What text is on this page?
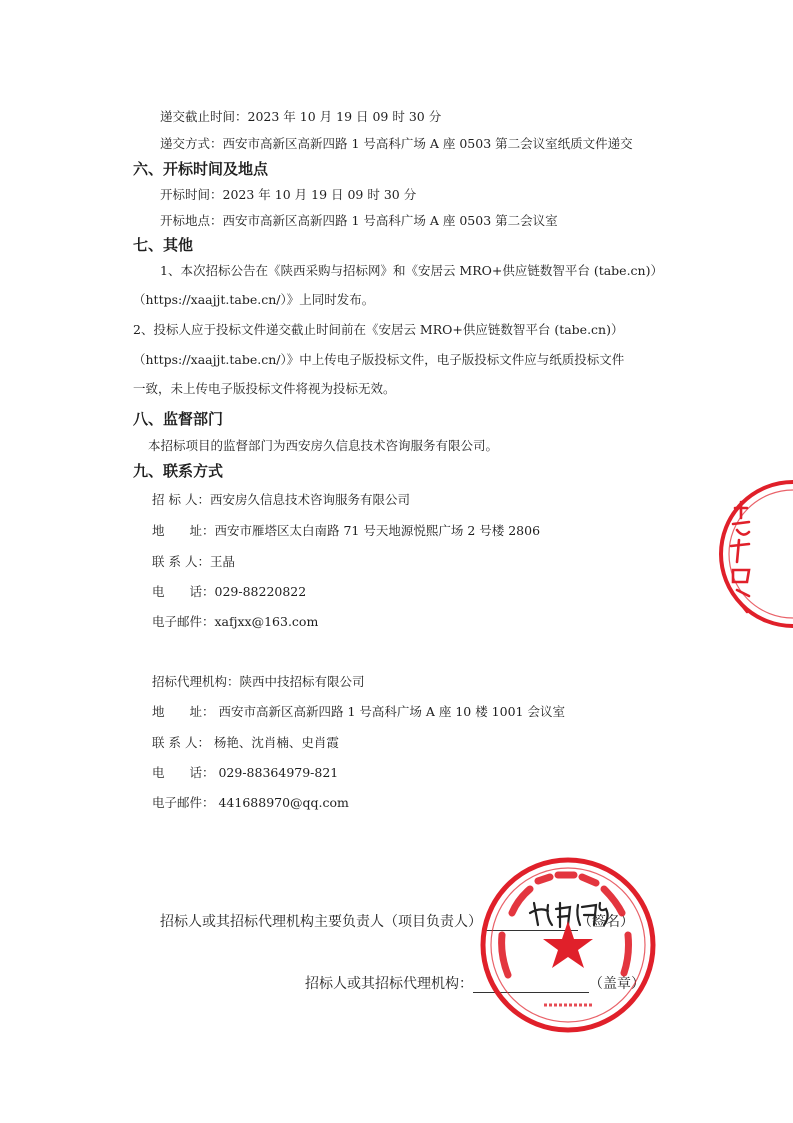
递交截止时间：2023 年 10 月 19 日 09 时 30 分
递交方式：西安市高新区高新四路 1 号高科广场 A 座 0503 第二会议室纸质文件递交
六、开标时间及地点
开标时间：2023 年 10 月 19 日 09 时 30 分
开标地点：西安市高新区高新四路 1 号高科广场 A 座 0503 第二会议室
七、其他
1、本次招标公告在《陕西采购与招标网》和《安居云 MRO+供应链数智平台 (tabe.cn)）
（https://xaajjt.tabe.cn/）》上同时发布。
2、投标人应于投标文件递交截止时间前在《安居云 MRO+供应链数智平台 (tabe.cn)）
（https://xaajjt.tabe.cn/）》中上传电子版投标文件，电子版投标文件应与纸质投标文件
一致，未上传电子版投标文件将视为投标无效。
八、监督部门
本招标项目的监督部门为西安房久信息技术咨询服务有限公司。
九、联系方式
招 标 人：西安房久信息技术咨询服务有限公司
地　　址：西安市雁塔区太白南路 71 号天地源悦熙广场 2 号楼 2806
联 系 人：王晶
电　　话：029-88220822
电子邮件：xafjxx@163.com
招标代理机构：陕西中技招标有限公司
地　　址： 西安市高新区高新四路 1 号高科广场 A 座 10 楼 1001 会议室
联 系 人： 杨艳、沈肖楠、史肖霞
电　　话： 029-88364979-821
电子邮件： 441688970@qq.com
招标人或其招标代理机构主要负责人（项目负责人）	（签名）
招标人或其招标代理机构：	（盖章）
